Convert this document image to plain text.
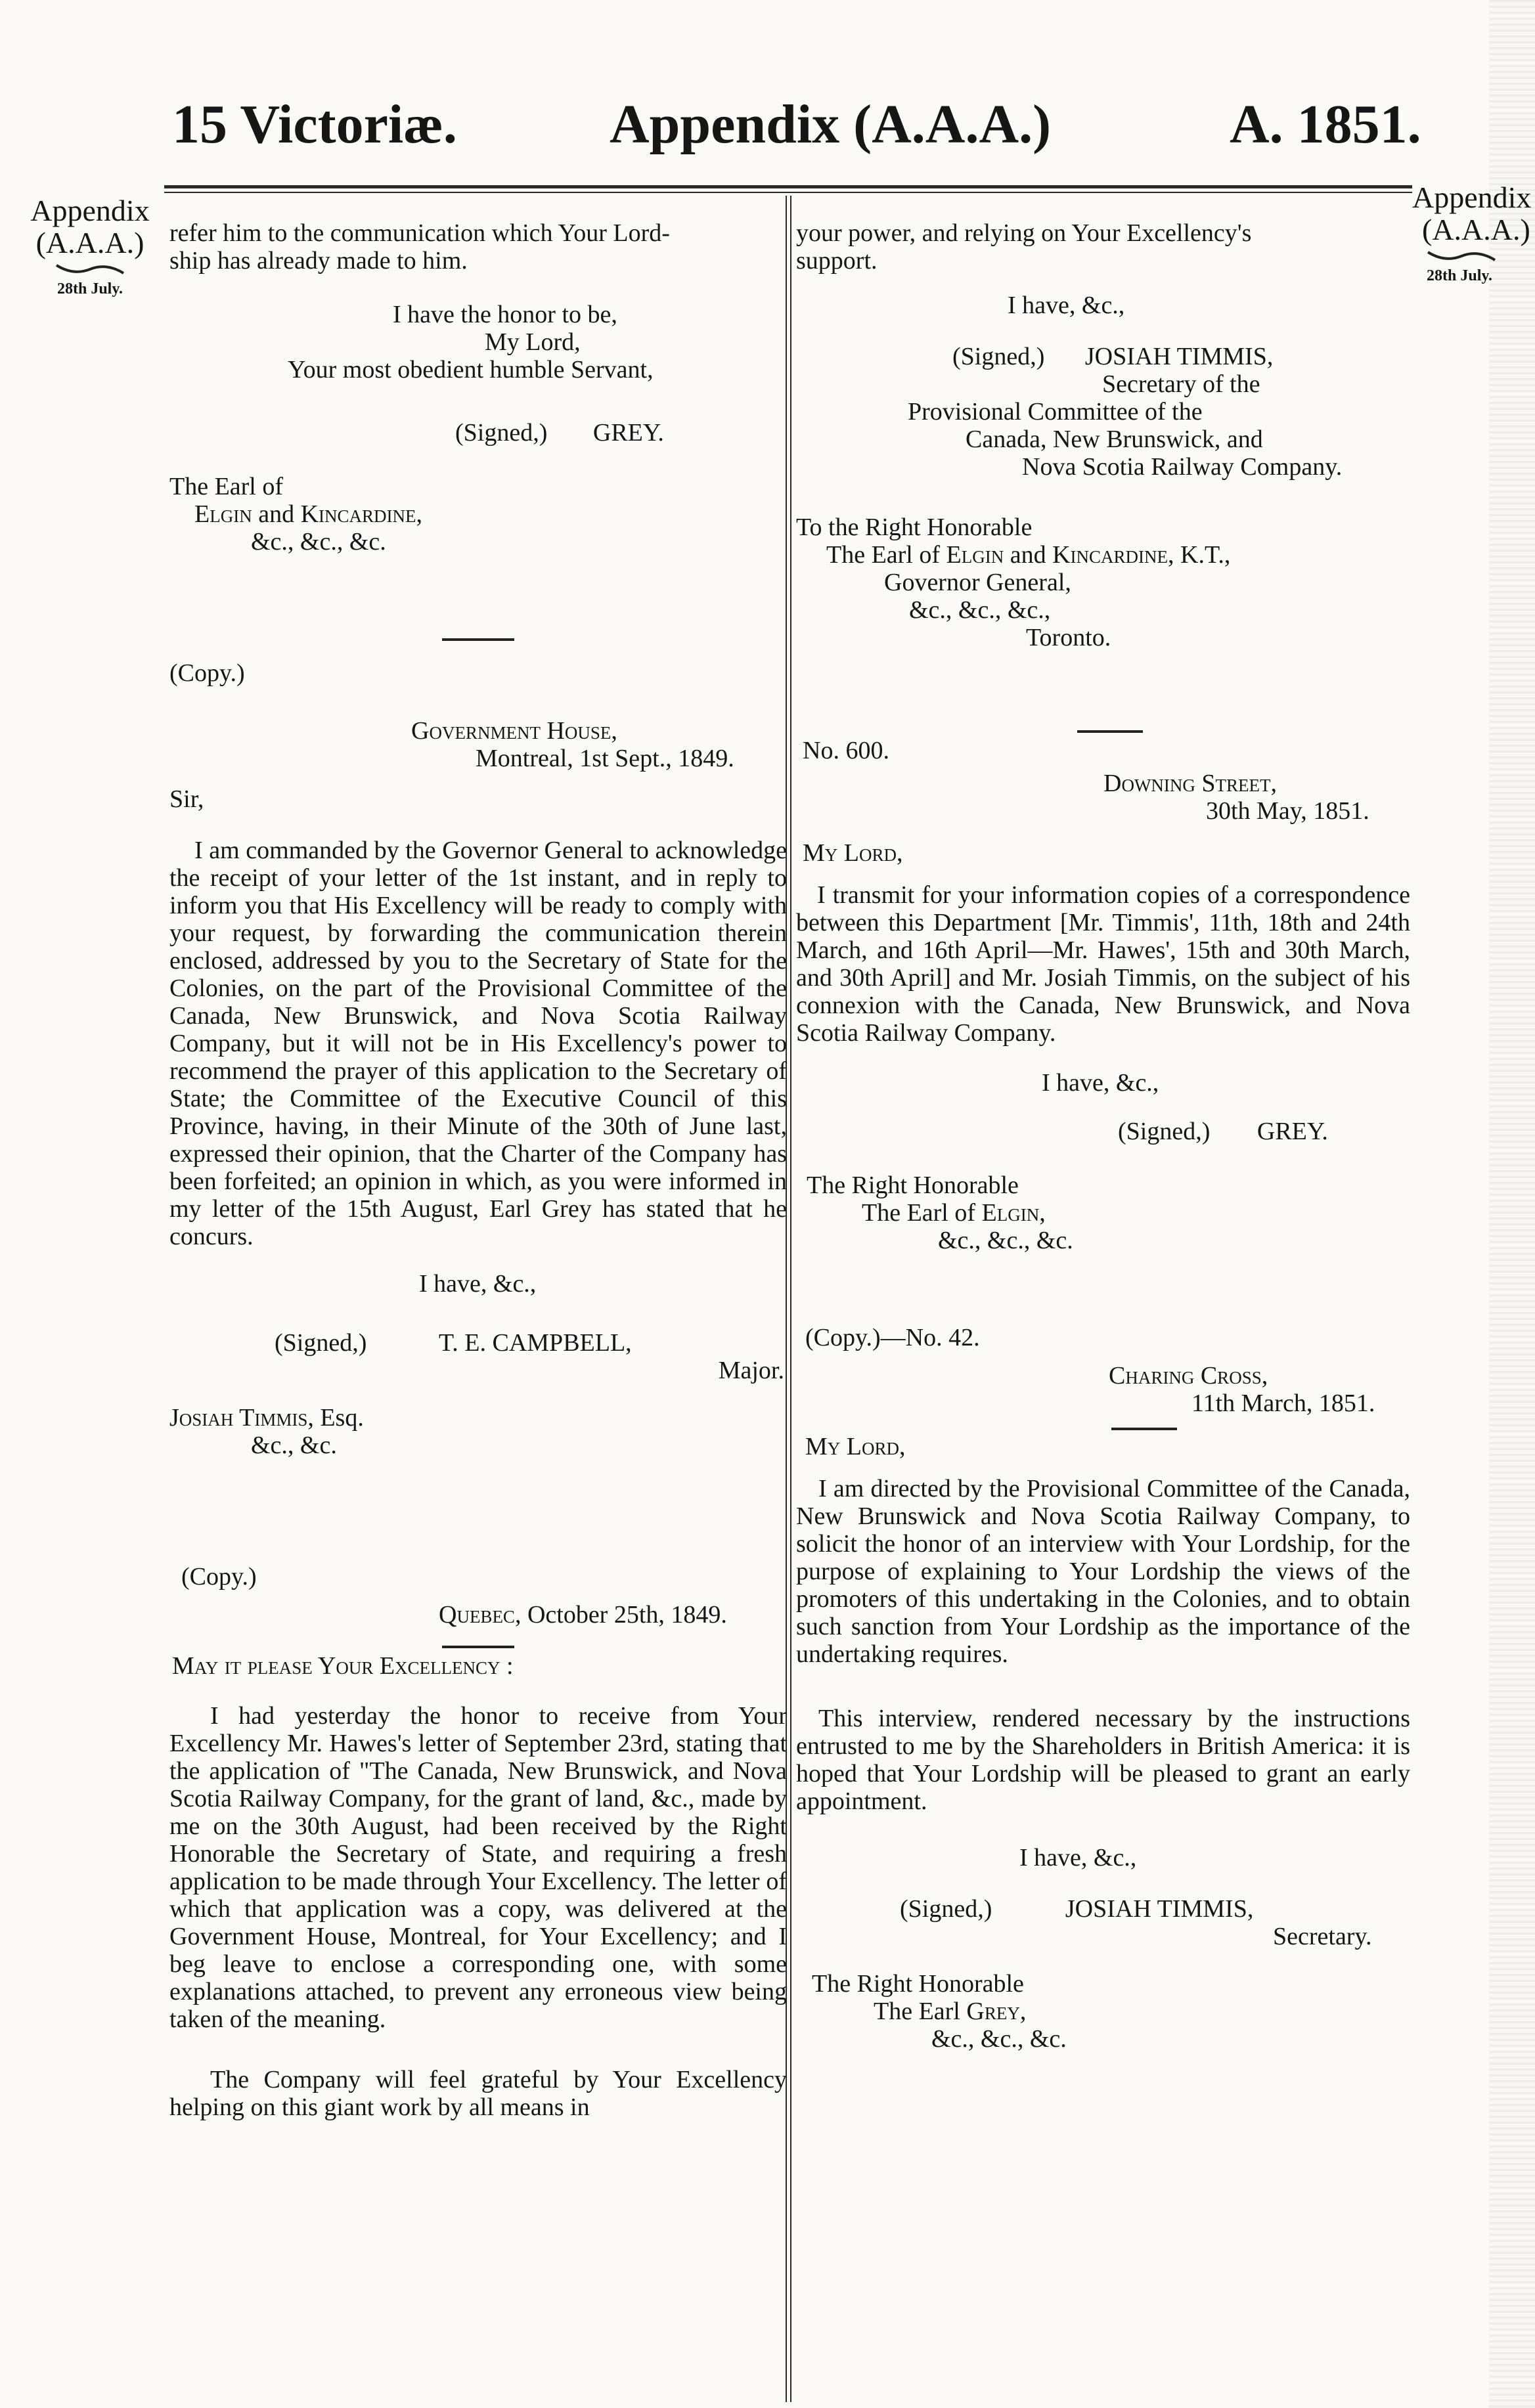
15 Victoriæ.	Appendix (A.A.A.)	A. 1851.
Appendix
(A.A.A.)
28th July.
Appendix
(A.A.A.)
28th July.

refer him to the communication which Your Lord-

ship has already made to him.
I have the honor to be,
My Lord,
Your most obedient humble Servant,
(Signed,) GREY.
The Earl of
Elgin and Kincardine,
&c., &c., &c.
(Copy.)
Government House,
Montreal, 1st Sept., 1849.
Sir,

I am commanded by the Governor General to acknowledge the receipt of your letter of the 1st instant, and in reply to inform you that His Excellency will be ready to comply with your request, by forwarding the communication therein enclosed, addressed by you to the Secretary of State for the Colonies, on the part of the Provisional Committee of the Canada, New Brunswick, and Nova Scotia Railway Company, but it will not be in His Excellency's power to recommend the prayer of this application to the Secretary of State; the Committee of the Executive Council of this Province, having, in their Minute of the 30th of June last, expressed their opinion, that the Charter of the Company has been forfeited; an opinion in which, as you were informed in my letter of the 15th August, Earl Grey has stated that he concurs.

I have, &c.,
(Signed,)	T. E. CAMPBELL,
Major.
Josiah Timmis, Esq.
&c., &c.
(Copy.)
Quebec, October 25th, 1849.
May it please Your Excellency :

I had yesterday the honor to receive from Your Excellency Mr. Hawes's letter of September 23rd, stating that the application of "The Canada, New Brunswick, and Nova Scotia Railway Company, for the grant of land, &c., made by me on the 30th August, had been received by the Right Honorable the Secretary of State, and requiring a fresh application to be made through Your Excellency. The letter of which that application was a copy, was delivered at the Government House, Montreal, for Your Excellency; and I beg leave to enclose a corresponding one, with some explanations attached, to prevent any erroneous view being taken of the meaning.

The Company will feel grateful by Your Excellency helping on this giant work by all means in

your power, and relying on Your Excellency's

support.
I have, &c.,
(Signed,) JOSIAH TIMMIS,
Secretary of the
Provisional Committee of the
Canada, New Brunswick, and
Nova Scotia Railway Company.
To the Right Honorable
The Earl of Elgin and Kincardine, K.T.,
Governor General,
&c., &c., &c.,
Toronto.
No. 600.
Downing Street,
30th May, 1851.
My Lord,

I transmit for your information copies of a correspondence between this Department [Mr. Timmis', 11th, 18th and 24th March, and 16th April—Mr. Hawes', 15th and 30th March, and 30th April] and Mr. Josiah Timmis, on the subject of his connexion with the Canada, New Brunswick, and Nova Scotia Railway Company.

I have, &c.,
(Signed,) GREY.
The Right Honorable
The Earl of Elgin,
&c., &c., &c.
(Copy.)—No. 42.
Charing Cross,
11th March, 1851.
My Lord,

I am directed by the Provisional Committee of the Canada, New Brunswick and Nova Scotia Railway Company, to solicit the honor of an interview with Your Lordship, for the purpose of explaining to Your Lordship the views of the promoters of this undertaking in the Colonies, and to obtain such sanction from Your Lordship as the importance of the undertaking requires.

This interview, rendered necessary by the instructions entrusted to me by the Shareholders in British America: it is hoped that Your Lordship will be pleased to grant an early appointment.

I have, &c.,
(Signed,)	JOSIAH TIMMIS,
Secretary.
The Right Honorable
The Earl Grey,
&c., &c., &c.
